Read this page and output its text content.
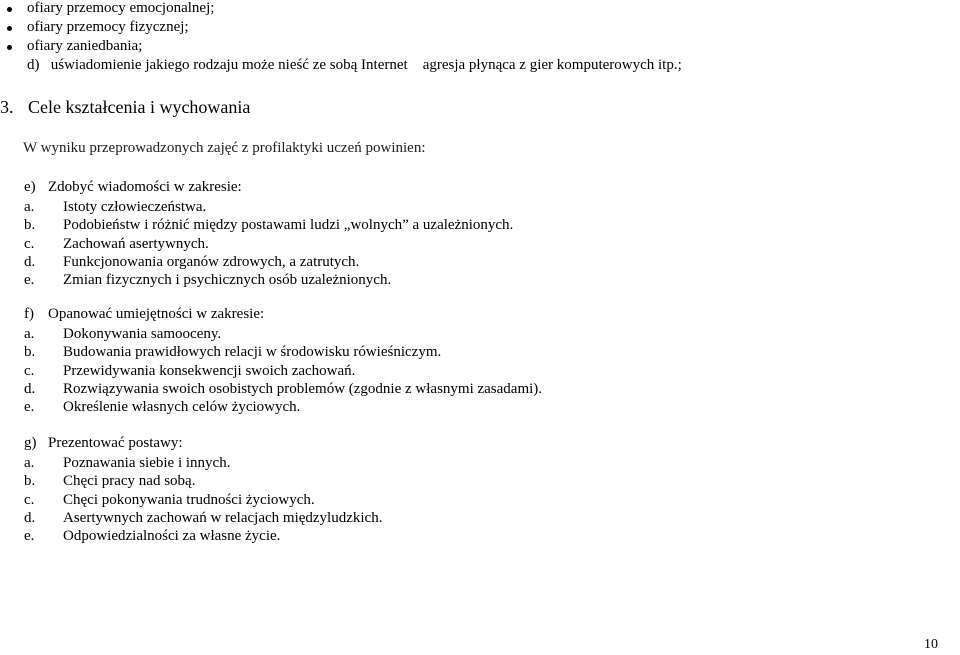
ofiary przemocy emocjonalnej;
ofiary przemocy fizycznej;
ofiary zaniedbania;
d) uświadomienie jakiego rodzaju może nieść ze sobą Internet    agresja płynąca z gier komputerowych itp.;
3. Cele kształcenia i wychowania
W wyniku przeprowadzonych zajęć z profilaktyki uczeń powinien:
e) Zdobyć wiadomości w zakresie:
a. Istoty człowieczeństwa.
b. Podobieństw i różnić między postawami ludzi „wolnych” a uzależnionych.
c. Zachowań asertywnych.
d. Funkcjonowania organów zdrowych, a zatrutych.
e. Zmian fizycznych i psychicznych osób uzależnionych.
f) Opanować umiejętności w zakresie:
a. Dokonywania samooceny.
b. Budowania prawidłowych relacji w środowisku rówieśniczym.
c. Przewidywania konsekwencji swoich zachowań.
d. Rozwiązywania swoich osobistych problemów (zgodnie z własnymi zasadami).
e. Określenie własnych celów życiowych.
g) Prezentować postawy:
a. Poznawania siebie i innych.
b. Chęci pracy nad sobą.
c. Chęci pokonywania trudności życiowych.
d. Asertywnych zachowań w relacjach międzyludzkich.
e. Odpowiedzialności za własne życie.
10
